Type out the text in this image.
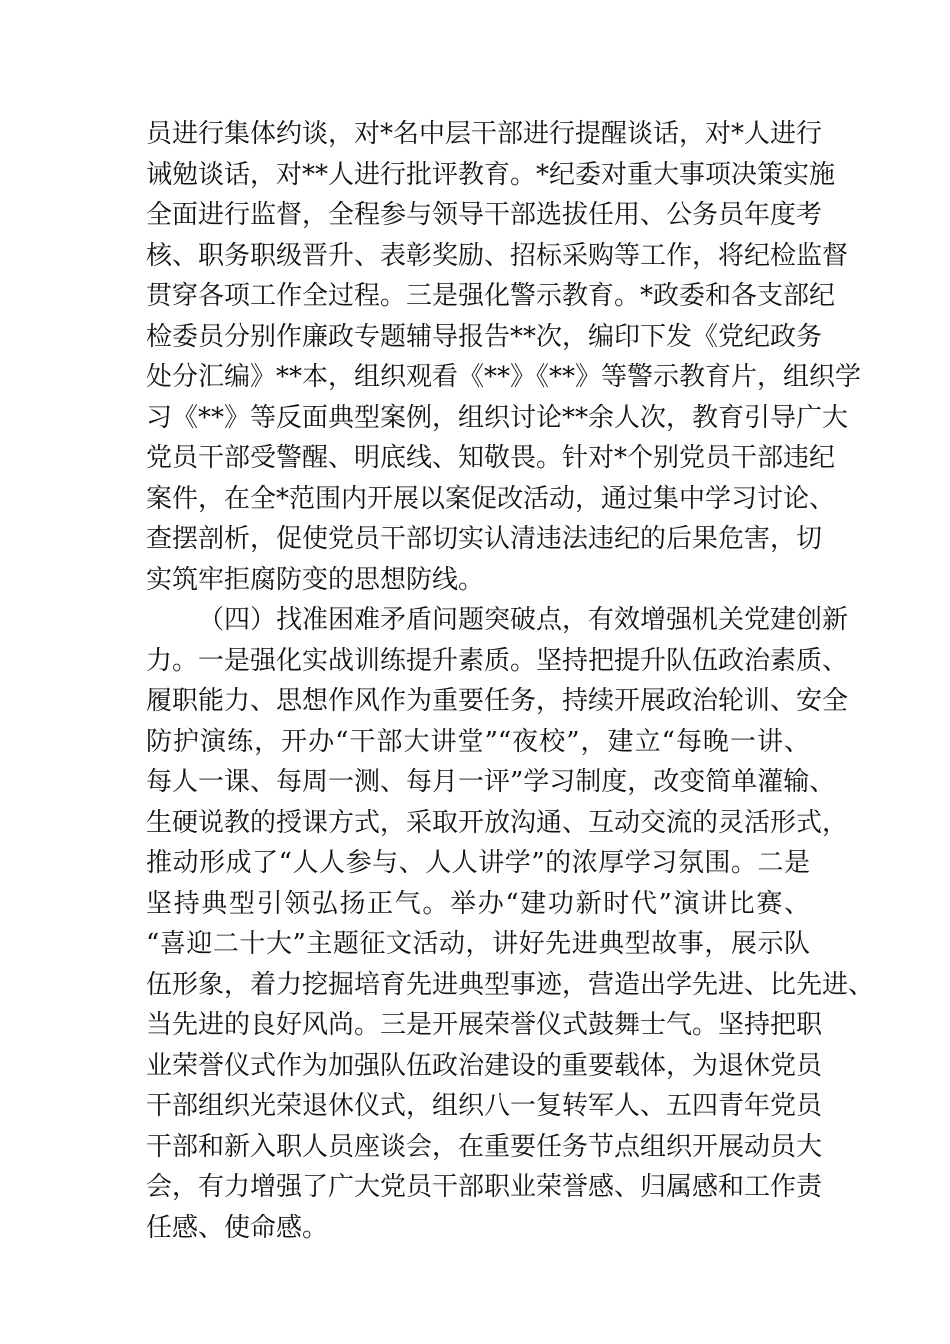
员进行集体约谈，对*名中层干部进行提醒谈话，对*人进行
诫勉谈话，对**人进行批评教育。*纪委对重大事项决策实施
全面进行监督，全程参与领导干部选拔任用、公务员年度考
核、职务职级晋升、表彰奖励、招标采购等工作，将纪检监督
贯穿各项工作全过程。三是强化警示教育。*政委和各支部纪
检委员分别作廉政专题辅导报告**次，编印下发《党纪政务
处分汇编》**本，组织观看《**》《**》等警示教育片，组织学
习《**》等反面典型案例，组织讨论**余人次，教育引导广大
党员干部受警醒、明底线、知敬畏。针对*个别党员干部违纪
案件，在全*范围内开展以案促改活动，通过集中学习讨论、
查摆剖析，促使党员干部切实认清违法违纪的后果危害，切
实筑牢拒腐防变的思想防线。
（四）找准困难矛盾问题突破点，有效增强机关党建创新
力。一是强化实战训练提升素质。坚持把提升队伍政治素质、
履职能力、思想作风作为重要任务，持续开展政治轮训、安全
防护演练，开办“干部大讲堂”“夜校”，建立“每晚一讲、
每人一课、每周一测、每月一评”学习制度，改变简单灌输、
生硬说教的授课方式，采取开放沟通、互动交流的灵活形式，
推动形成了“人人参与、人人讲学”的浓厚学习氛围。二是
坚持典型引领弘扬正气。举办“建功新时代”演讲比赛、
“喜迎二十大”主题征文活动，讲好先进典型故事，展示队
伍形象，着力挖掘培育先进典型事迹，营造出学先进、比先进、
当先进的良好风尚。三是开展荣誉仪式鼓舞士气。坚持把职
业荣誉仪式作为加强队伍政治建设的重要载体，为退休党员
干部组织光荣退休仪式，组织八一复转军人、五四青年党员
干部和新入职人员座谈会，在重要任务节点组织开展动员大
会，有力增强了广大党员干部职业荣誉感、归属感和工作责
任感、使命感。
